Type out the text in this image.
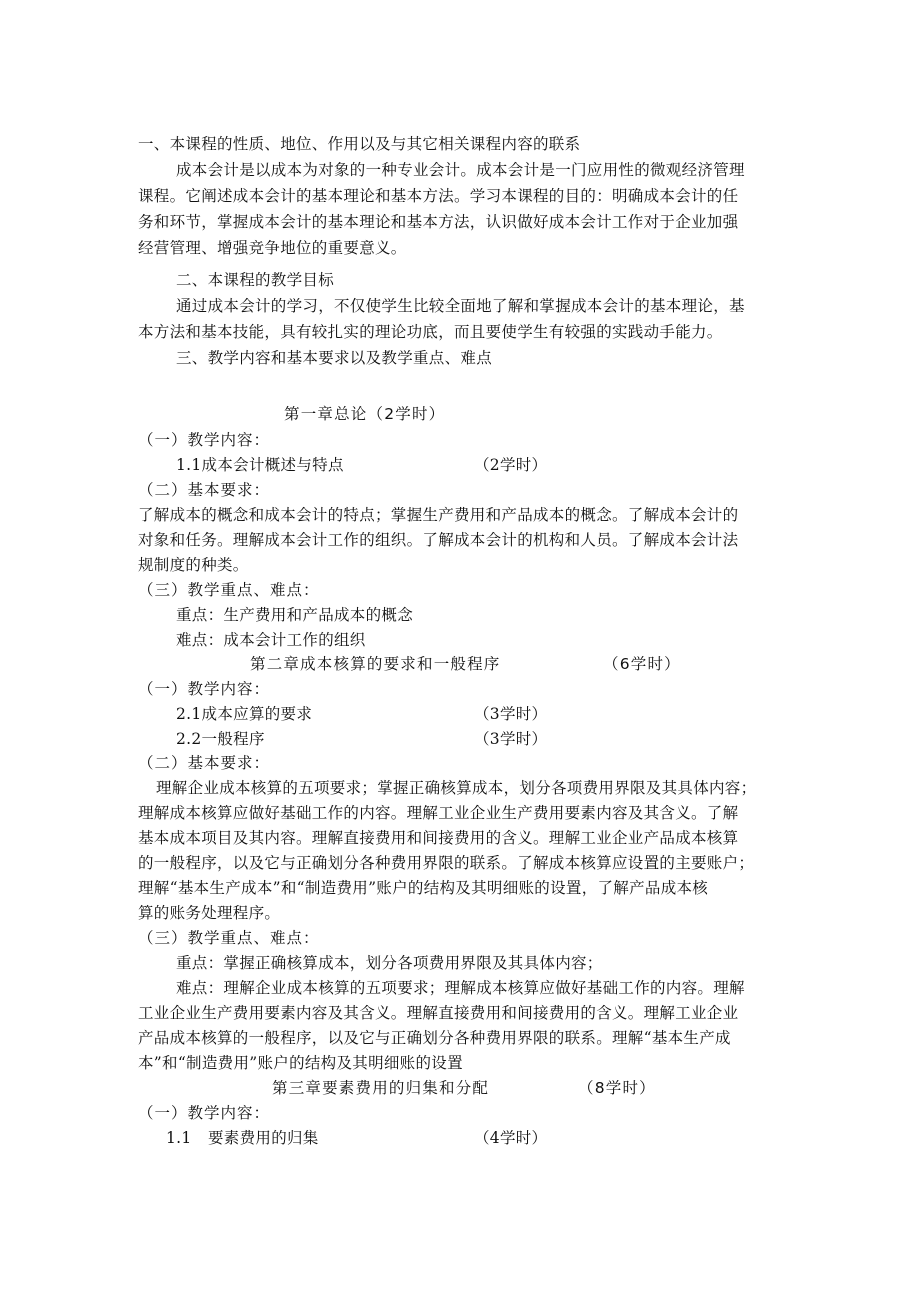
一、本课程的性质、地位、作用以及与其它相关课程内容的联系
成本会计是以成本为对象的一种专业会计。成本会计是一门应用性的微观经济管理
课程。它阐述成本会计的基本理论和基本方法。学习本课程的目的：明确成本会计的任
务和环节，掌握成本会计的基本理论和基本方法，认识做好成本会计工作对于企业加强
经营管理、增强竞争地位的重要意义。
二、本课程的教学目标
通过成本会计的学习，不仅使学生比较全面地了解和掌握成本会计的基本理论，基
本方法和基本技能，具有较扎实的理论功底，而且要使学生有较强的实践动手能力。
三、教学内容和基本要求以及教学重点、难点
第一章总论（2学时）
（一）教学内容：
1.1成本会计概述与特点	（2学时）
（二）基本要求：
了解成本的概念和成本会计的特点；掌握生产费用和产品成本的概念。了解成本会计的
对象和任务。理解成本会计工作的组织。了解成本会计的机构和人员。了解成本会计法
规制度的种类。
（三）教学重点、难点：
重点：生产费用和产品成本的概念
难点：成本会计工作的组织
第二章成本核算的要求和一般程序	（6学时）
（一）教学内容：
2.1成本应算的要求	（3学时）
2.2一般程序	（3学时）
（二）基本要求：
理解企业成本核算的五项要求；掌握正确核算成本，划分各项费用界限及其具体内容；
理解成本核算应做好基础工作的内容。理解工业企业生产费用要素内容及其含义。了解
基本成本项目及其内容。理解直接费用和间接费用的含义。理解工业企业产品成本核算
的一般程序，以及它与正确划分各种费用界限的联系。了解成本核算应设置的主要账户；
理解“基本生产成本”和“制造费用”账户的结构及其明细账的设置，了解产品成本核
算的账务处理程序。
（三）教学重点、难点：
重点：掌握正确核算成本，划分各项费用界限及其具体内容；
难点：理解企业成本核算的五项要求；理解成本核算应做好基础工作的内容。理解
工业企业生产费用要素内容及其含义。理解直接费用和间接费用的含义。理解工业企业
产品成本核算的一般程序，以及它与正确划分各种费用界限的联系。理解“基本生产成
本”和“制造费用”账户的结构及其明细账的设置
第三章要素费用的归集和分配	（8学时）
（一）教学内容：
1.1 要素费用的归集	（4学时）
